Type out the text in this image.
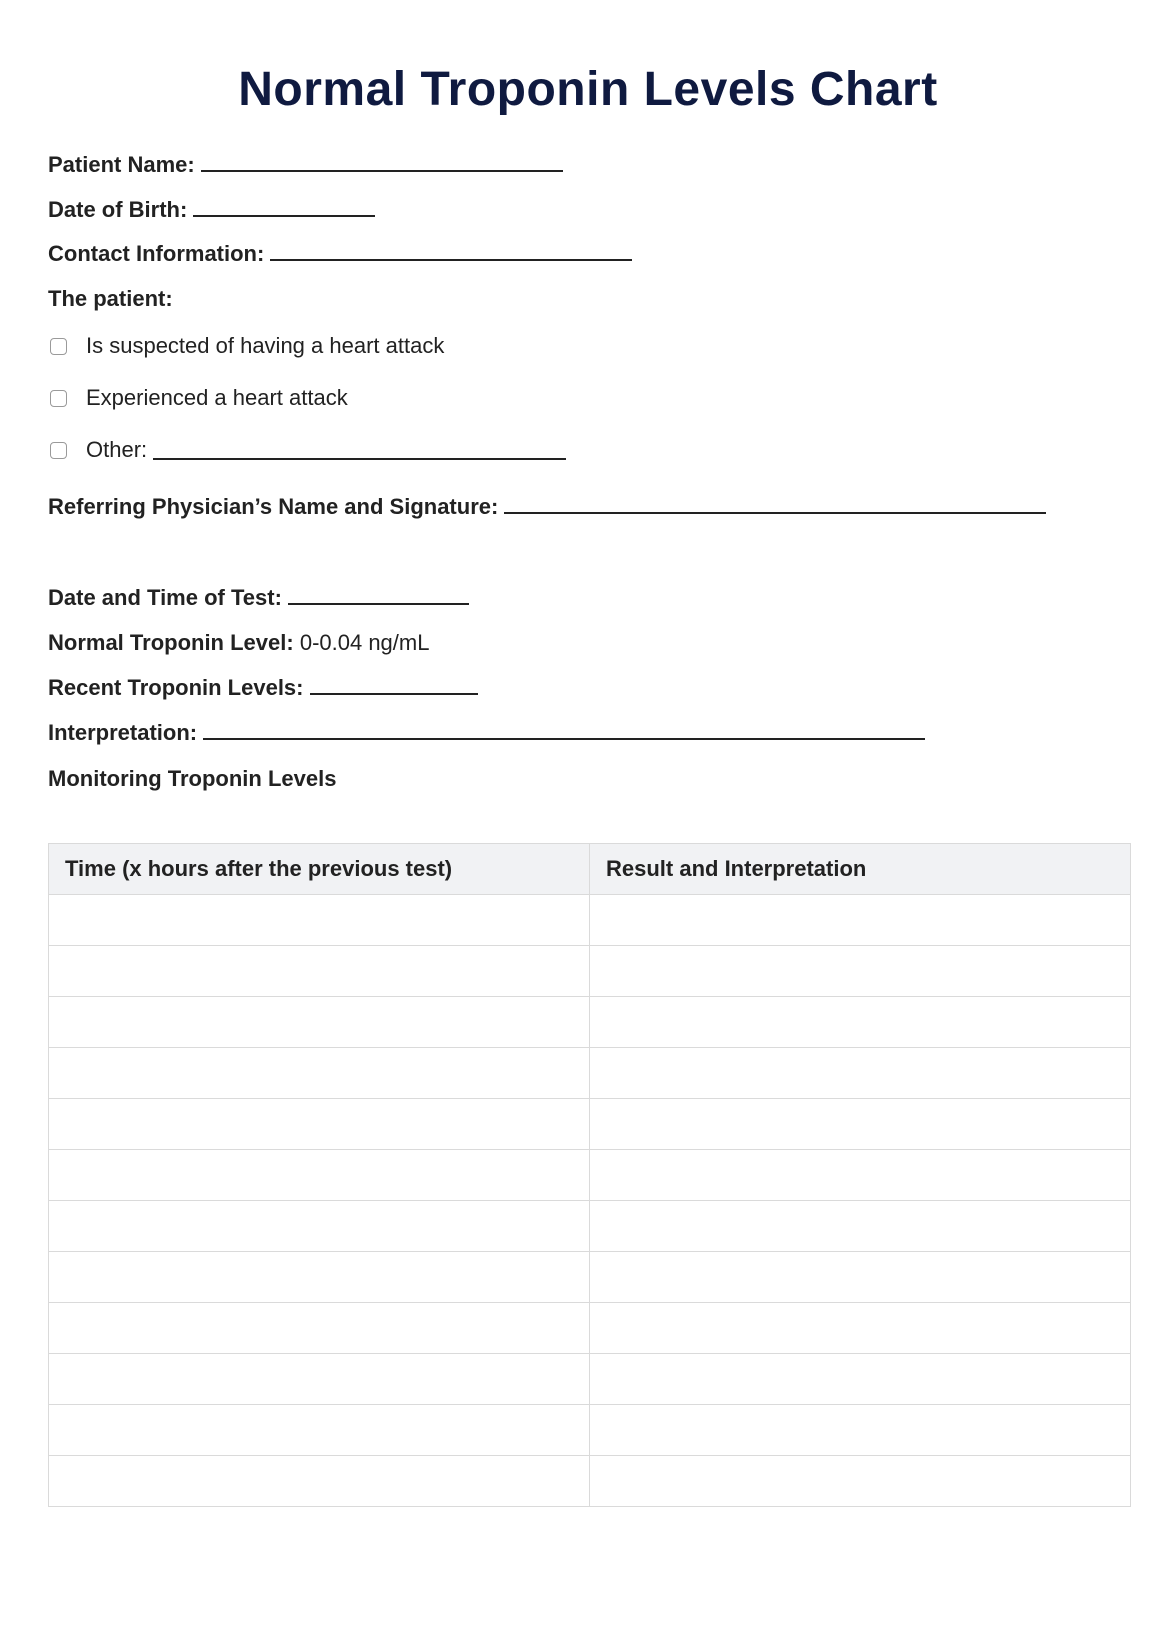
Normal Troponin Levels Chart
Patient Name:
Date of Birth:
Contact Information:
The patient:
Is suspected of having a heart attack
Experienced a heart attack
Other:
Referring Physician’s Name and Signature:
Date and Time of Test:
Normal Troponin Level: 0-0.04 ng/mL
Recent Troponin Levels:
Interpretation:
Monitoring Troponin Levels
Time (x hours after the previous test)	Result and Interpretation
